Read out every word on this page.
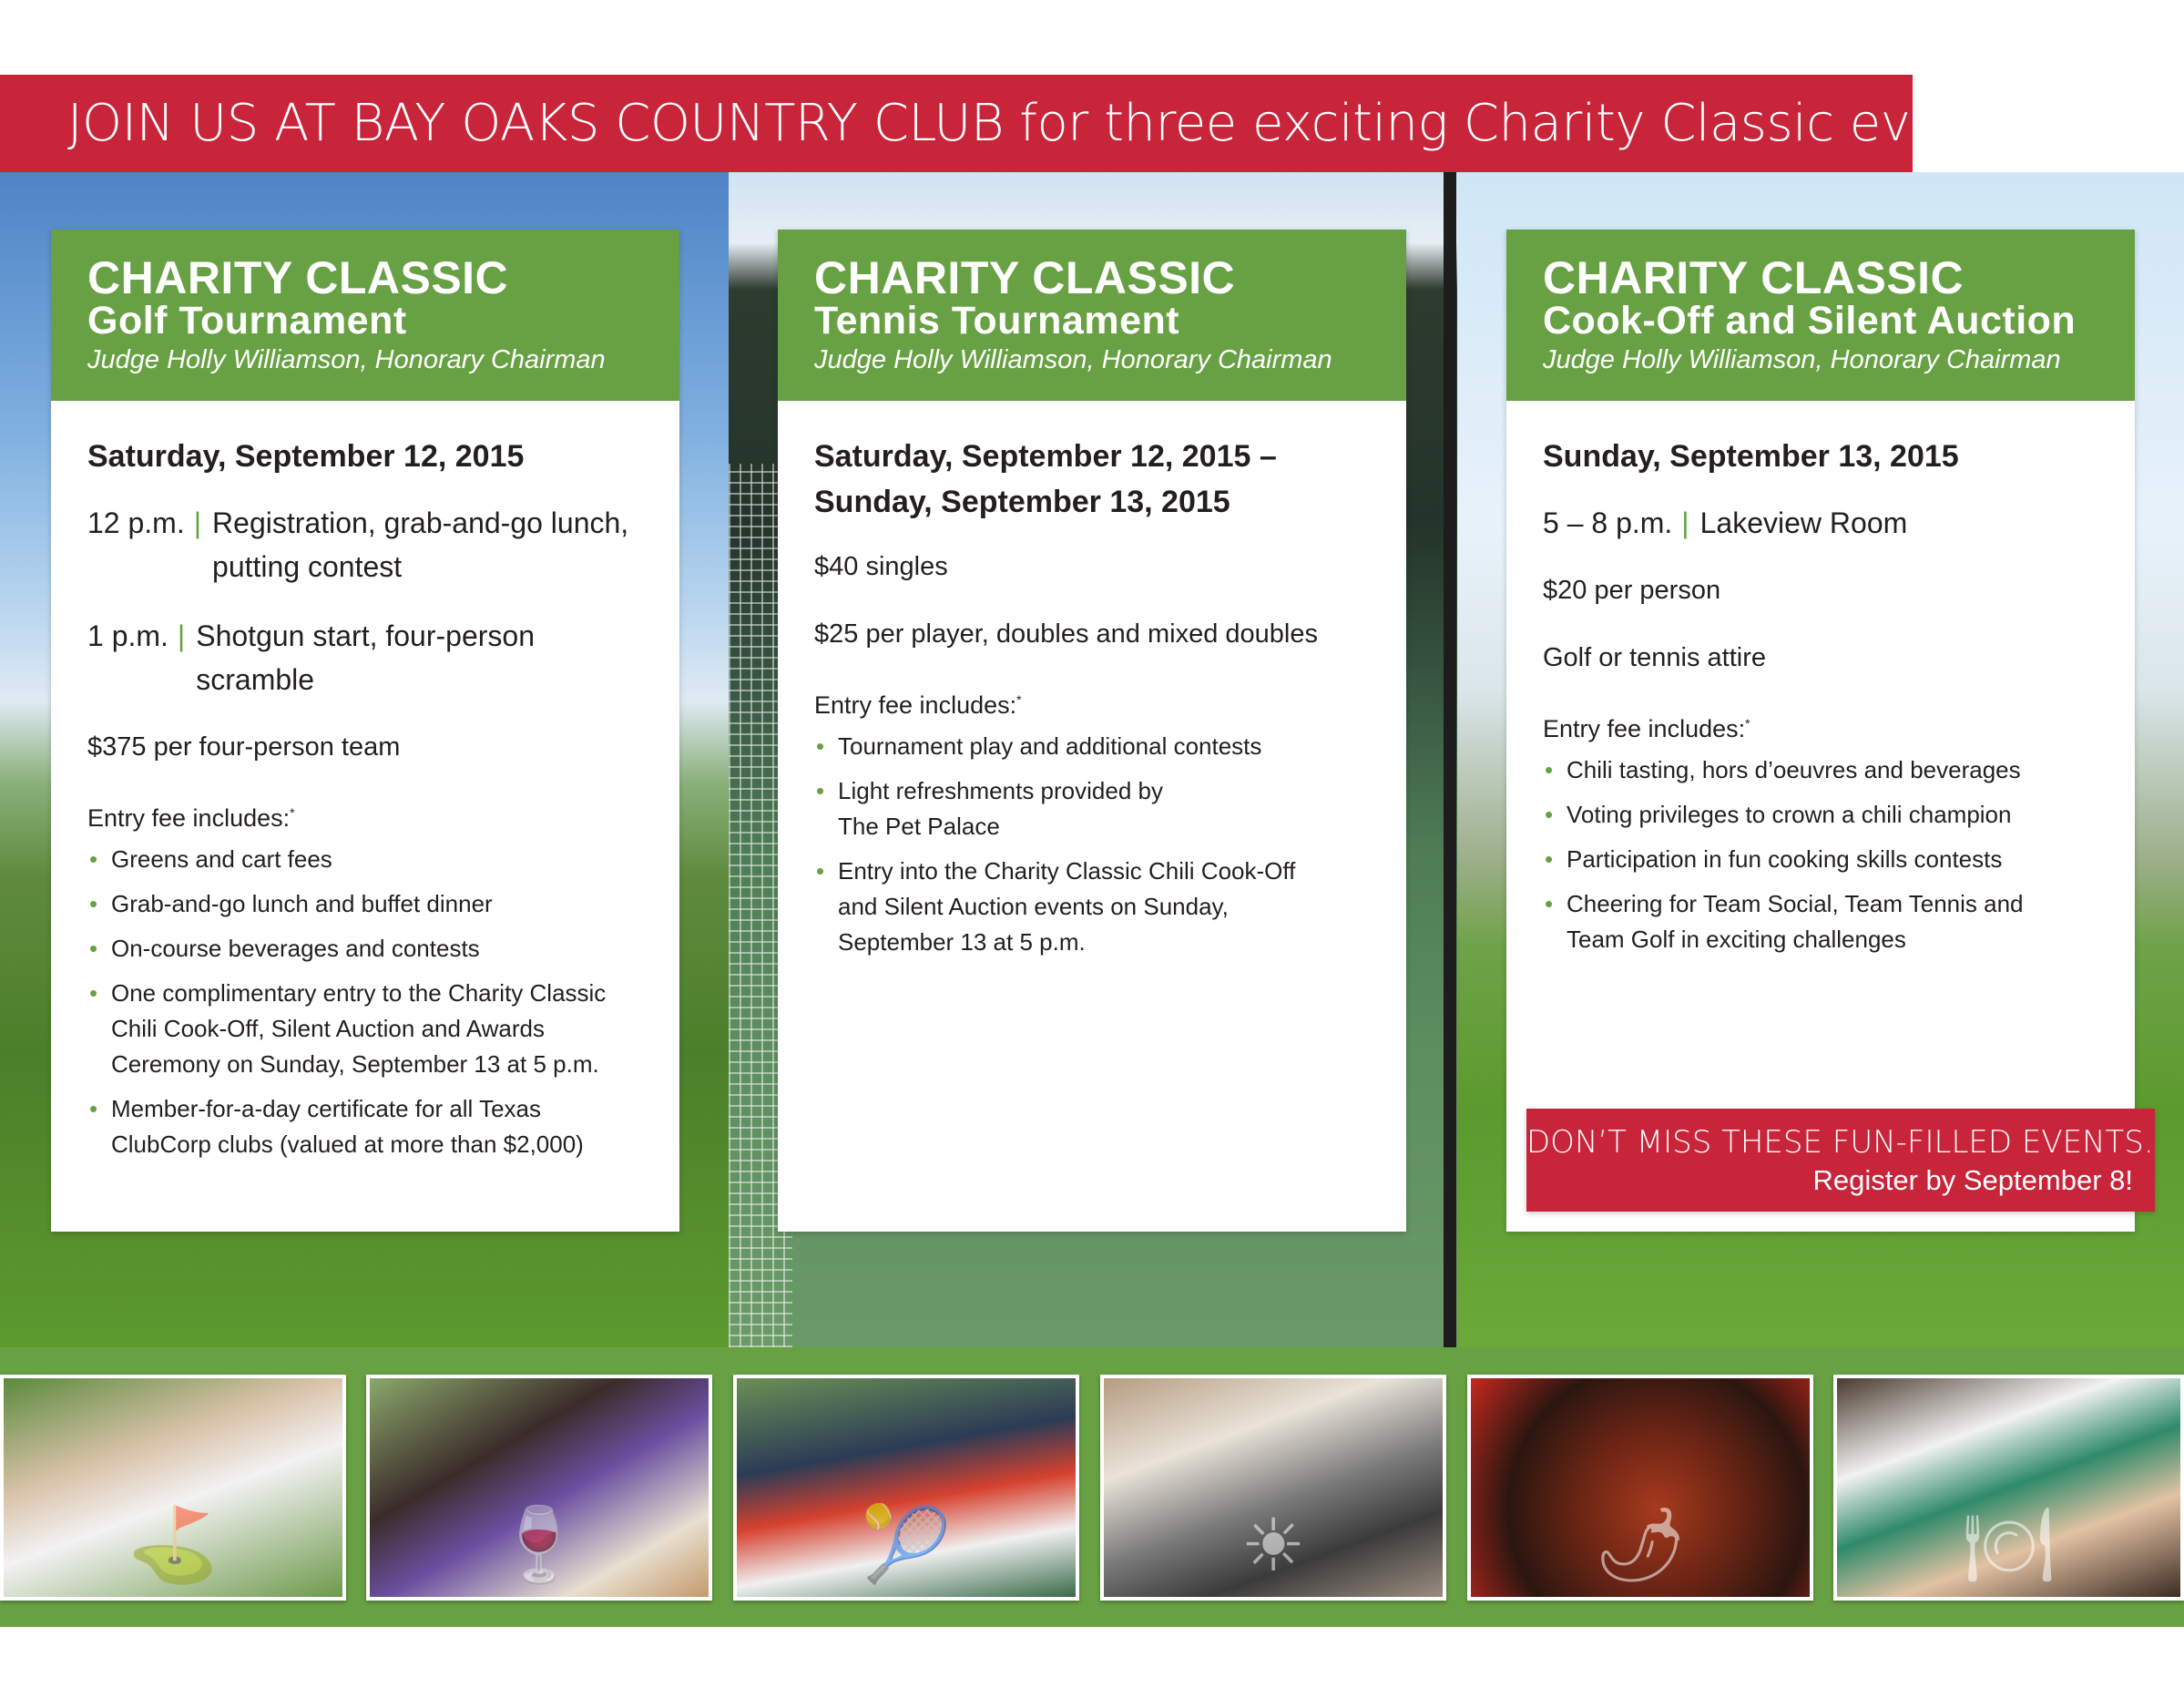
JOIN US AT BAY OAKS COUNTRY CLUB for three exciting Charity Classic events.
CHARITY CLASSIC
Golf Tournament
Judge Holly Williamson, Honorary Chairman
Saturday, September 12, 2015
12 p.m. | Registration, grab-and-go lunch, putting contest
1 p.m. | Shotgun start, four-person scramble
$375 per four-person team
Entry fee includes:*
• Greens and cart fees
• Grab-and-go lunch and buffet dinner
• On-course beverages and contests
• One complimentary entry to the Charity Classic Chili Cook-Off, Silent Auction and Awards Ceremony on Sunday, September 13 at 5 p.m.
• Member-for-a-day certificate for all Texas ClubCorp clubs (valued at more than $2,000)
CHARITY CLASSIC
Tennis Tournament
Judge Holly Williamson, Honorary Chairman
Saturday, September 12, 2015 – Sunday, September 13, 2015
$40 singles
$25 per player, doubles and mixed doubles
Entry fee includes:*
• Tournament play and additional contests
• Light refreshments provided by The Pet Palace
• Entry into the Charity Classic Chili Cook-Off and Silent Auction events on Sunday, September 13 at 5 p.m.
CHARITY CLASSIC
Cook-Off and Silent Auction
Judge Holly Williamson, Honorary Chairman
Sunday, September 13, 2015
5 – 8 p.m. | Lakeview Room
$20 per person
Golf or tennis attire
Entry fee includes:*
• Chili tasting, hors d’oeuvres and beverages
• Voting privileges to crown a chili champion
• Participation in fun cooking skills contests
• Cheering for Team Social, Team Tennis and Team Golf in exciting challenges
DON’T MISS THESE FUN-FILLED EVENTS.
Register by September 8!
⛳	🍷	🎾	☀	🌶	🍽
